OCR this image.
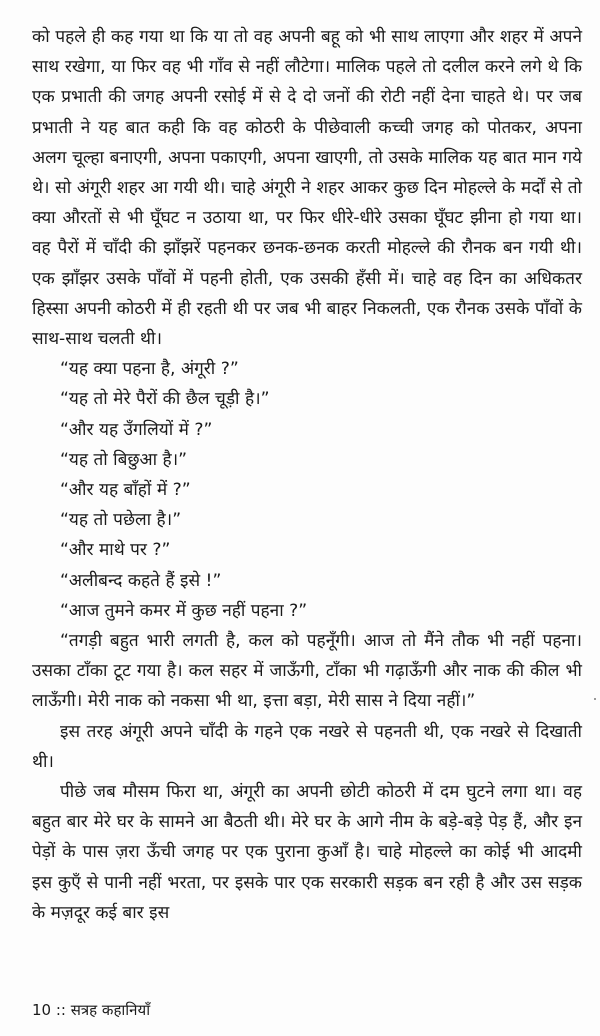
को पहले ही कह गया था कि या तो वह अपनी बहू को भी साथ लाएगा और शहर में अपने साथ रखेगा, या फिर वह भी गाँव से नहीं लौटेगा। मालिक पहले तो दलील करने लगे थे कि एक प्रभाती की जगह अपनी रसोई में से दे दो जनों की रोटी नहीं देना चाहते थे। पर जब प्रभाती ने यह बात कही कि वह कोठरी के पीछेवाली कच्ची जगह को पोतकर, अपना अलग चूल्हा बनाएगी, अपना पकाएगी, अपना खाएगी, तो उसके मालिक यह बात मान गये थे। सो अंगूरी शहर आ गयी थी। चाहे अंगूरी ने शहर आकर कुछ दिन मोहल्ले के मर्दों से तो क्या औरतों से भी घूँघट न उठाया था, पर फिर धीरे-धीरे उसका घूँघट झीना हो गया था। वह पैरों में चाँदी की झाँझरें पहनकर छनक-छनक करती मोहल्ले की रौनक बन गयी थी। एक झाँझर उसके पाँवों में पहनी होती, एक उसकी हँसी में। चाहे वह दिन का अधिकतर हिस्सा अपनी कोठरी में ही रहती थी पर जब भी बाहर निकलती, एक रौनक उसके पाँवों के साथ-साथ चलती थी।

“यह क्या पहना है, अंगूरी ?”

“यह तो मेरे पैरों की छैल चूड़ी है।”

“और यह उँगलियों में ?”

“यह तो बिछुआ है।”

“और यह बाँहों में ?”

“यह तो पछेला है।”

“और माथे पर ?”

“अलीबन्द कहते हैं इसे !”

“आज तुमने कमर में कुछ नहीं पहना ?”

“तगड़ी बहुत भारी लगती है, कल को पहनूँगी। आज तो मैंने तौक भी नहीं पहना। उसका टाँका टूट गया है। कल सहर में जाऊँगी, टाँका भी गढ़ाऊँगी और नाक की कील भी लाऊँगी। मेरी नाक को नकसा भी था, इत्ता बड़ा, मेरी सास ने दिया नहीं।”

इस तरह अंगूरी अपने चाँदी के गहने एक नखरे से पहनती थी, एक नखरे से दिखाती थी।

पीछे जब मौसम फिरा था, अंगूरी का अपनी छोटी कोठरी में दम घुटने लगा था। वह बहुत बार मेरे घर के सामने आ बैठती थी। मेरे घर के आगे नीम के बड़े-बड़े पेड़ हैं, और इन पेड़ों के पास ज़रा ऊँची जगह पर एक पुराना कुआँ है। चाहे मोहल्ले का कोई भी आदमी इस कुएँ से पानी नहीं भरता, पर इसके पार एक सरकारी सड़क बन रही है और उस सड़क के मज़दूर कई बार इस

10 :: सत्रह कहानियाँ
